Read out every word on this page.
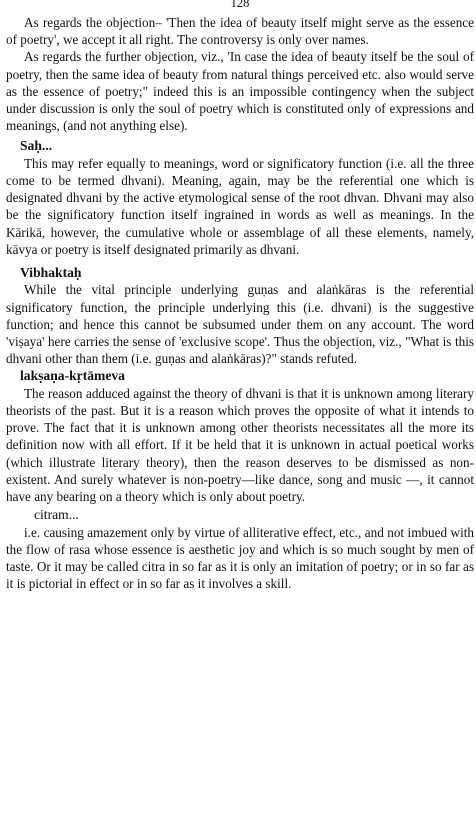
128

As regards the objection– 'Then the idea of beauty itself might serve as the essence of poetry', we accept it all right. The controversy is only over names.

As regards the further objection, viz., 'In case the idea of beauty itself be the soul of poetry, then the same idea of beauty from natural things perceived etc. also would serve as the essence of poetry;" indeed this is an impossible contingency when the subject under discussion is only the soul of poetry which is constituted only of expressions and meanings, (and not anything else).

Saḥ...

This may refer equally to meanings, word or significatory function (i.e. all the three come to be termed dhvani). Meaning, again, may be the referential one which is designated dhvani by the active etymological sense of the root dhvan. Dhvani may also be the significatory function itself ingrained in words as well as meanings. In the Kārikā, however, the cumulative whole or assemblage of all these elements, namely, kāvya or poetry is itself designated primarily as dhvani.

Vibhaktaḥ

While the vital principle underlying guṇas and alaṅkāras is the referential significatory function, the principle underlying this (i.e. dhvani) is the suggestive function; and hence this cannot be subsumed under them on any account. The word 'viṣaya' here carries the sense of 'exclusive scope'. Thus the objection, viz., "What is this dhvani other than them (i.e. guṇas and alaṅkāras)?" stands refuted.

lakṣaṇa-kṛtāmeva

The reason adduced against the theory of dhvani is that it is unknown among literary theorists of the past. But it is a reason which proves the opposite of what it intends to prove. The fact that it is unknown among other theorists necessitates all the more its definition now with all effort. If it be held that it is unknown in actual poetical works (which illustrate literary theory), then the reason deserves to be dismissed as non-existent. And surely whatever is non-poetry—like dance, song and music —, it cannot have any bearing on a theory which is only about poetry.

citram...

i.e. causing amazement only by virtue of alliterative effect, etc., and not imbued with the flow of rasa whose essence is aesthetic joy and which is so much sought by men of taste. Or it may be called citra in so far as it is only an imitation of poetry; or in so far as it is pictorial in effect or in so far as it involves a skill.
